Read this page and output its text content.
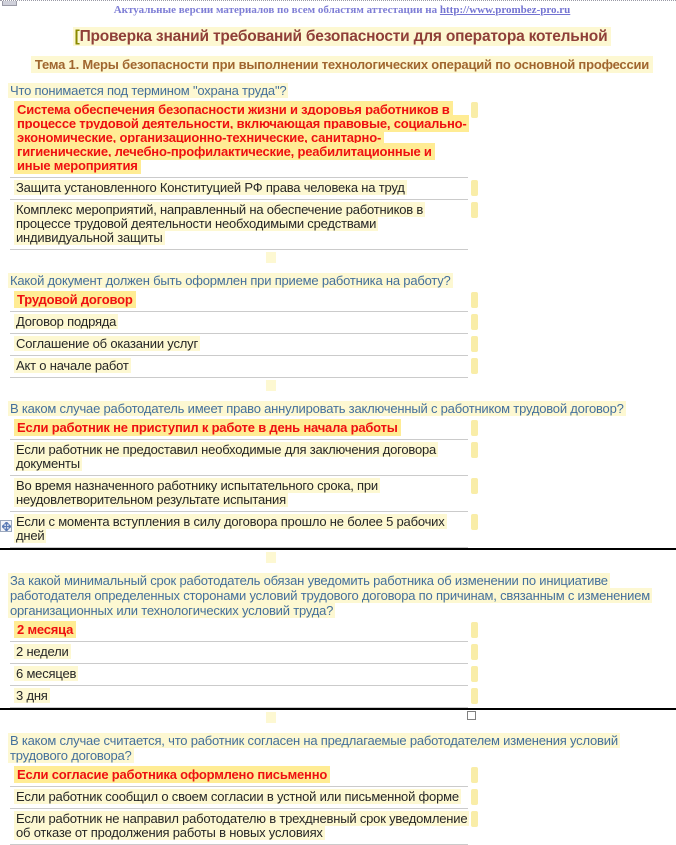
Актуальные версии материалов по всем областям аттестации на http://www.prombez-pro.ru
[Проверка знаний требований безопасности для оператора котельной
Тема 1. Меры безопасности при выполнении технологических операций по основной профессии
Что понимается под термином "охрана труда"?
Система обеспечения безопасности жизни и здоровья работников в процессе трудовой деятельности, включающая правовые, социально-экономические, организационно-технические, санитарно-гигиенические, лечебно-профилактические, реабилитационные и иные мероприятия
Защита установленного Конституцией РФ права человека на труд
Комплекс мероприятий, направленный на обеспечение работников в процессе трудовой деятельности необходимыми средствами индивидуальной защиты
Какой документ должен быть оформлен при приеме работника на работу?
Трудовой договор
Договор подряда
Соглашение об оказании услуг
Акт о начале работ
В каком случае работодатель имеет право аннулировать заключенный с работником трудовой договор?
Если работник не приступил к работе в день начала работы
Если работник не предоставил необходимые для заключения договора документы
Во время назначенного работнику испытательного срока, при неудовлетворительном результате испытания
Если с момента вступления в силу договора прошло не более 5 рабочих дней
За какой минимальный срок работодатель обязан уведомить работника об изменении по инициативе работодателя определенных сторонами условий трудового договора по причинам, связанным с изменением организационных или технологических условий труда?
2 месяца
2 недели
6 месяцев
3 дня
В каком случае считается, что работник согласен на предлагаемые работодателем изменения условий трудового договора?
Если согласие работника оформлено письменно
Если работник сообщил о своем согласии в устной или письменной форме
Если работник не направил работодателю в трехдневный срок уведомление об отказе от продолжения работы в новых условиях
